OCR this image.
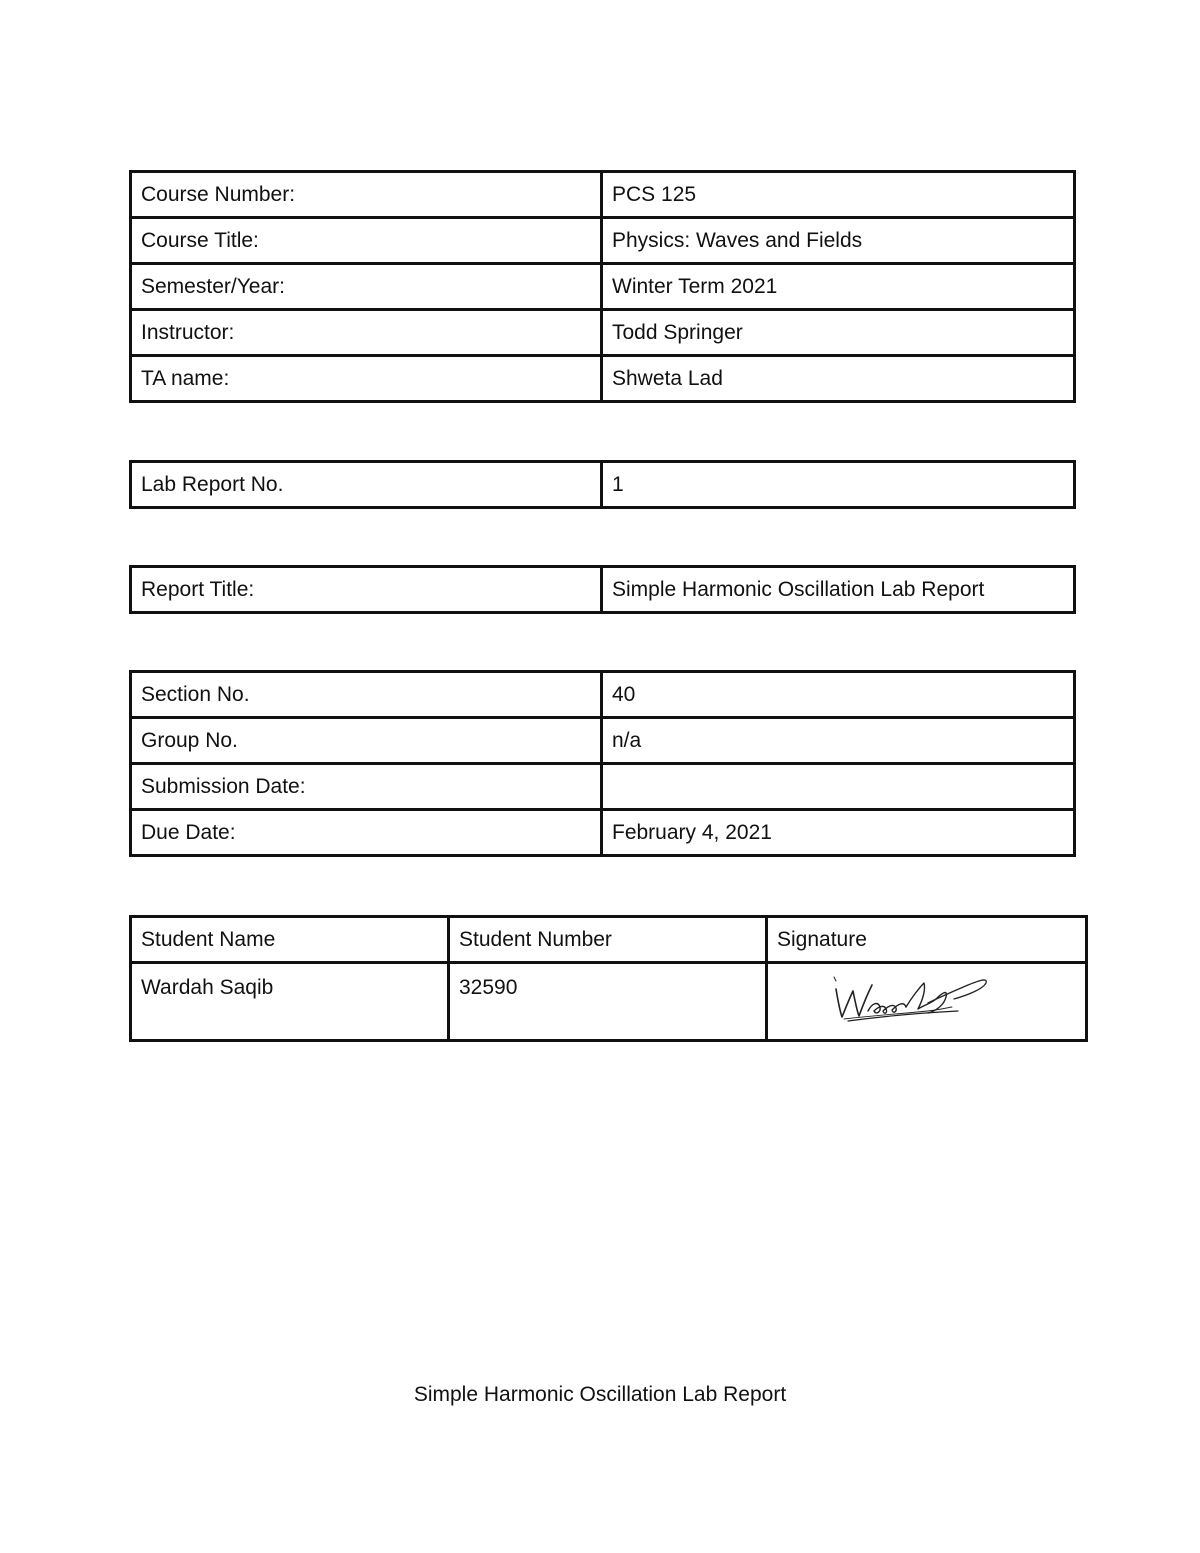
Course Number:	PCS 125
Course Title:	Physics: Waves and Fields
Semester/Year:	Winter Term 2021
Instructor:	Todd Springer
TA name:	Shweta Lad
Lab Report No.	1
Report Title:	Simple Harmonic Oscillation Lab Report
Section No.	40
Group No.	n/a
Submission Date:	
Due Date:	February 4, 2021
Student Name	Student Number	Signature
Wardah Saqib	32590	
Simple Harmonic Oscillation Lab Report
